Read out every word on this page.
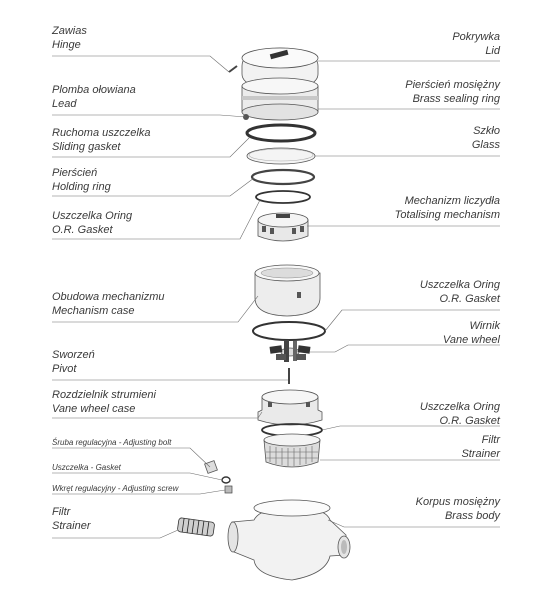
Zawias
Hinge
Pokrywka
Lid
Plomba ołowiana
Lead
Pierścień mosiężny
Brass sealing ring
Ruchoma uszczelka
Sliding gasket
Szkło
Glass
Pierścień
Holding ring
Mechanizm liczydła
Totalising mechanism
Uszczelka Oring
O.R. Gasket
Obudowa mechanizmu
Mechanism case
Uszczelka Oring
O.R. Gasket
Wirnik
Vane wheel
Sworzeń
Pivot
Rozdzielnik strumieni
Vane wheel case	Uszczelka Oring
O.R. Gasket
Filtr
Strainer
Śruba regulacyjna - Adjusting bolt
Uszczelka - Gasket
Wkręt regulacyjny - Adjusting screw
Filtr
Strainer
Korpus mosiężny
Brass body
